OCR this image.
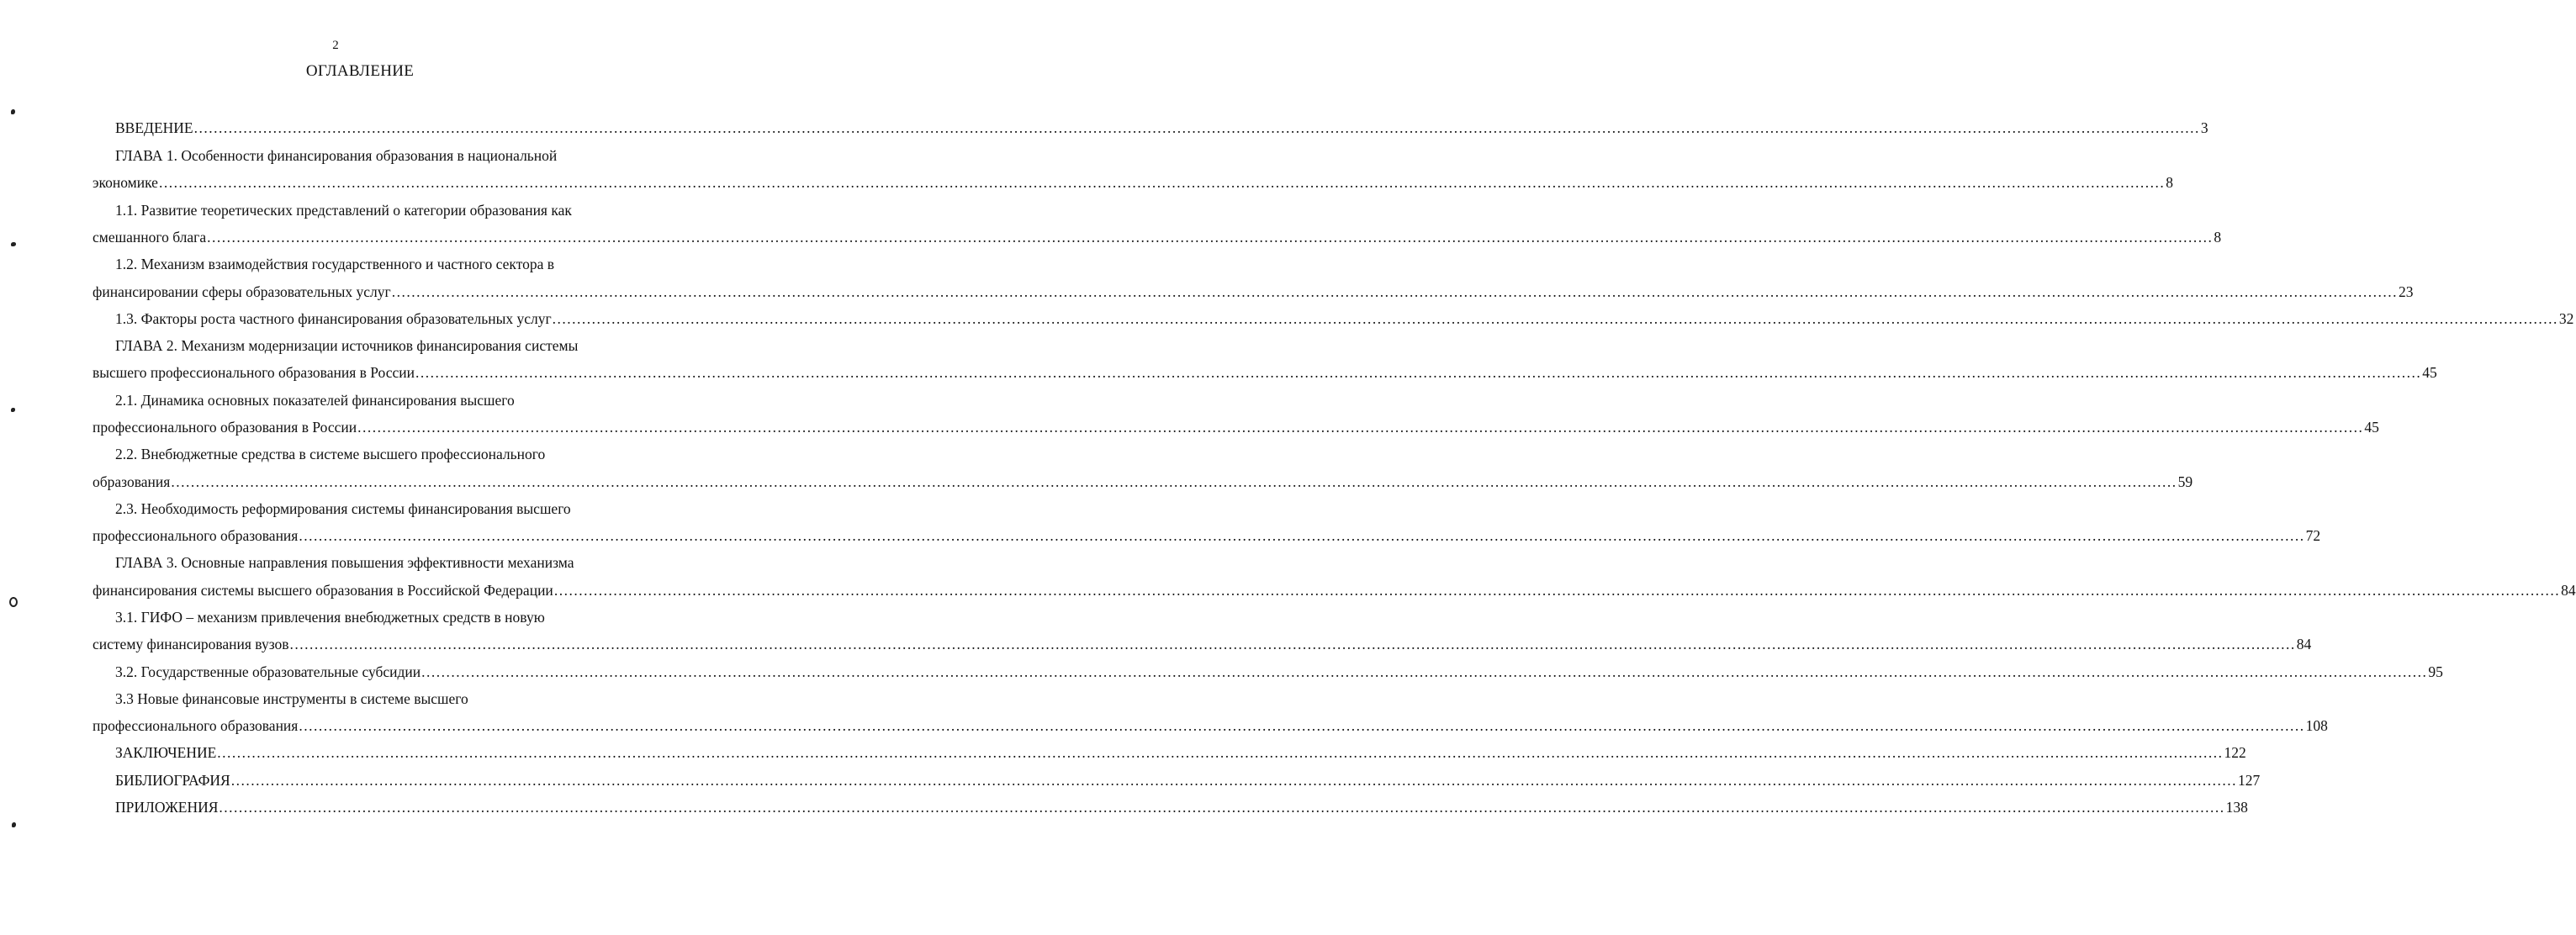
2
ОГЛАВЛЕНИЕ
ВВЕДЕНИЕ ...................................................................................................................................................................................................................................................................................................................................................................................................................... 3
ГЛАВА 1. Особенности финансирования образования в национальной
экономике ...................................................................................................................................................................................................................................................................................................................................................................................................................... 8
1.1. Развитие теоретических представлений о категории образования как
смешанного блага ...................................................................................................................................................................................................................................................................................................................................................................................................................... 8
1.2. Механизм взаимодействия государственного и частного сектора в
финансировании сферы образовательных услуг ...................................................................................................................................................................................................................................................................................................................................................................................................................... 23
1.3. Факторы роста частного финансирования образовательных услуг ...................................................................................................................................................................................................................................................................................................................................................................................................................... 32
ГЛАВА 2. Механизм модернизации источников финансирования системы
высшего профессионального образования в России ...................................................................................................................................................................................................................................................................................................................................................................................................................... 45
2.1. Динамика основных показателей финансирования высшего
профессионального образования в России ...................................................................................................................................................................................................................................................................................................................................................................................................................... 45
2.2. Внебюджетные средства в системе высшего профессионального
образования ...................................................................................................................................................................................................................................................................................................................................................................................................................... 59
2.3. Необходимость реформирования системы финансирования высшего
профессионального образования ...................................................................................................................................................................................................................................................................................................................................................................................................................... 72
ГЛАВА 3. Основные направления повышения эффективности механизма
финансирования системы высшего образования в Российской Федерации ...................................................................................................................................................................................................................................................................................................................................................................................................................... 84
3.1. ГИФО – механизм привлечения внебюджетных средств в новую
систему финансирования вузов ...................................................................................................................................................................................................................................................................................................................................................................................................................... 84
3.2. Государственные образовательные субсидии ...................................................................................................................................................................................................................................................................................................................................................................................................................... 95
3.3 Новые финансовые инструменты в системе высшего
профессионального образования ...................................................................................................................................................................................................................................................................................................................................................................................................................... 108
ЗАКЛЮЧЕНИЕ ...................................................................................................................................................................................................................................................................................................................................................................................................................... 122
БИБЛИОГРАФИЯ ...................................................................................................................................................................................................................................................................................................................................................................................................................... 127
ПРИЛОЖЕНИЯ ...................................................................................................................................................................................................................................................................................................................................................................................................................... 138
